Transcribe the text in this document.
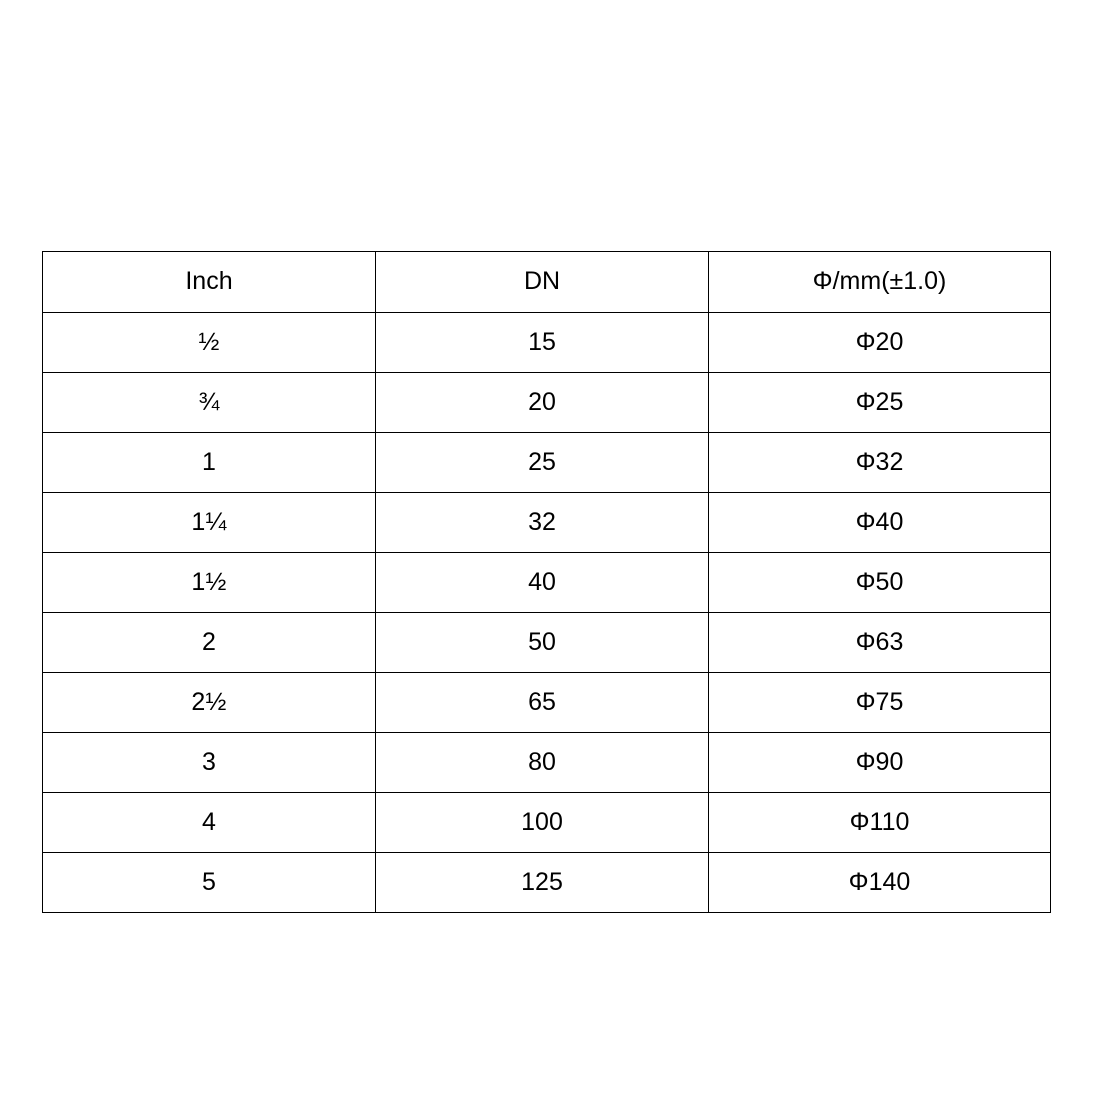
Inch	DN	Φ/mm(±1.0)
½	15	Φ20
¾	20	Φ25
1	25	Φ32
1¼	32	Φ40
1½	40	Φ50
2	50	Φ63
2½	65	Φ75
3	80	Φ90
4	100	Φ110
5	125	Φ140
